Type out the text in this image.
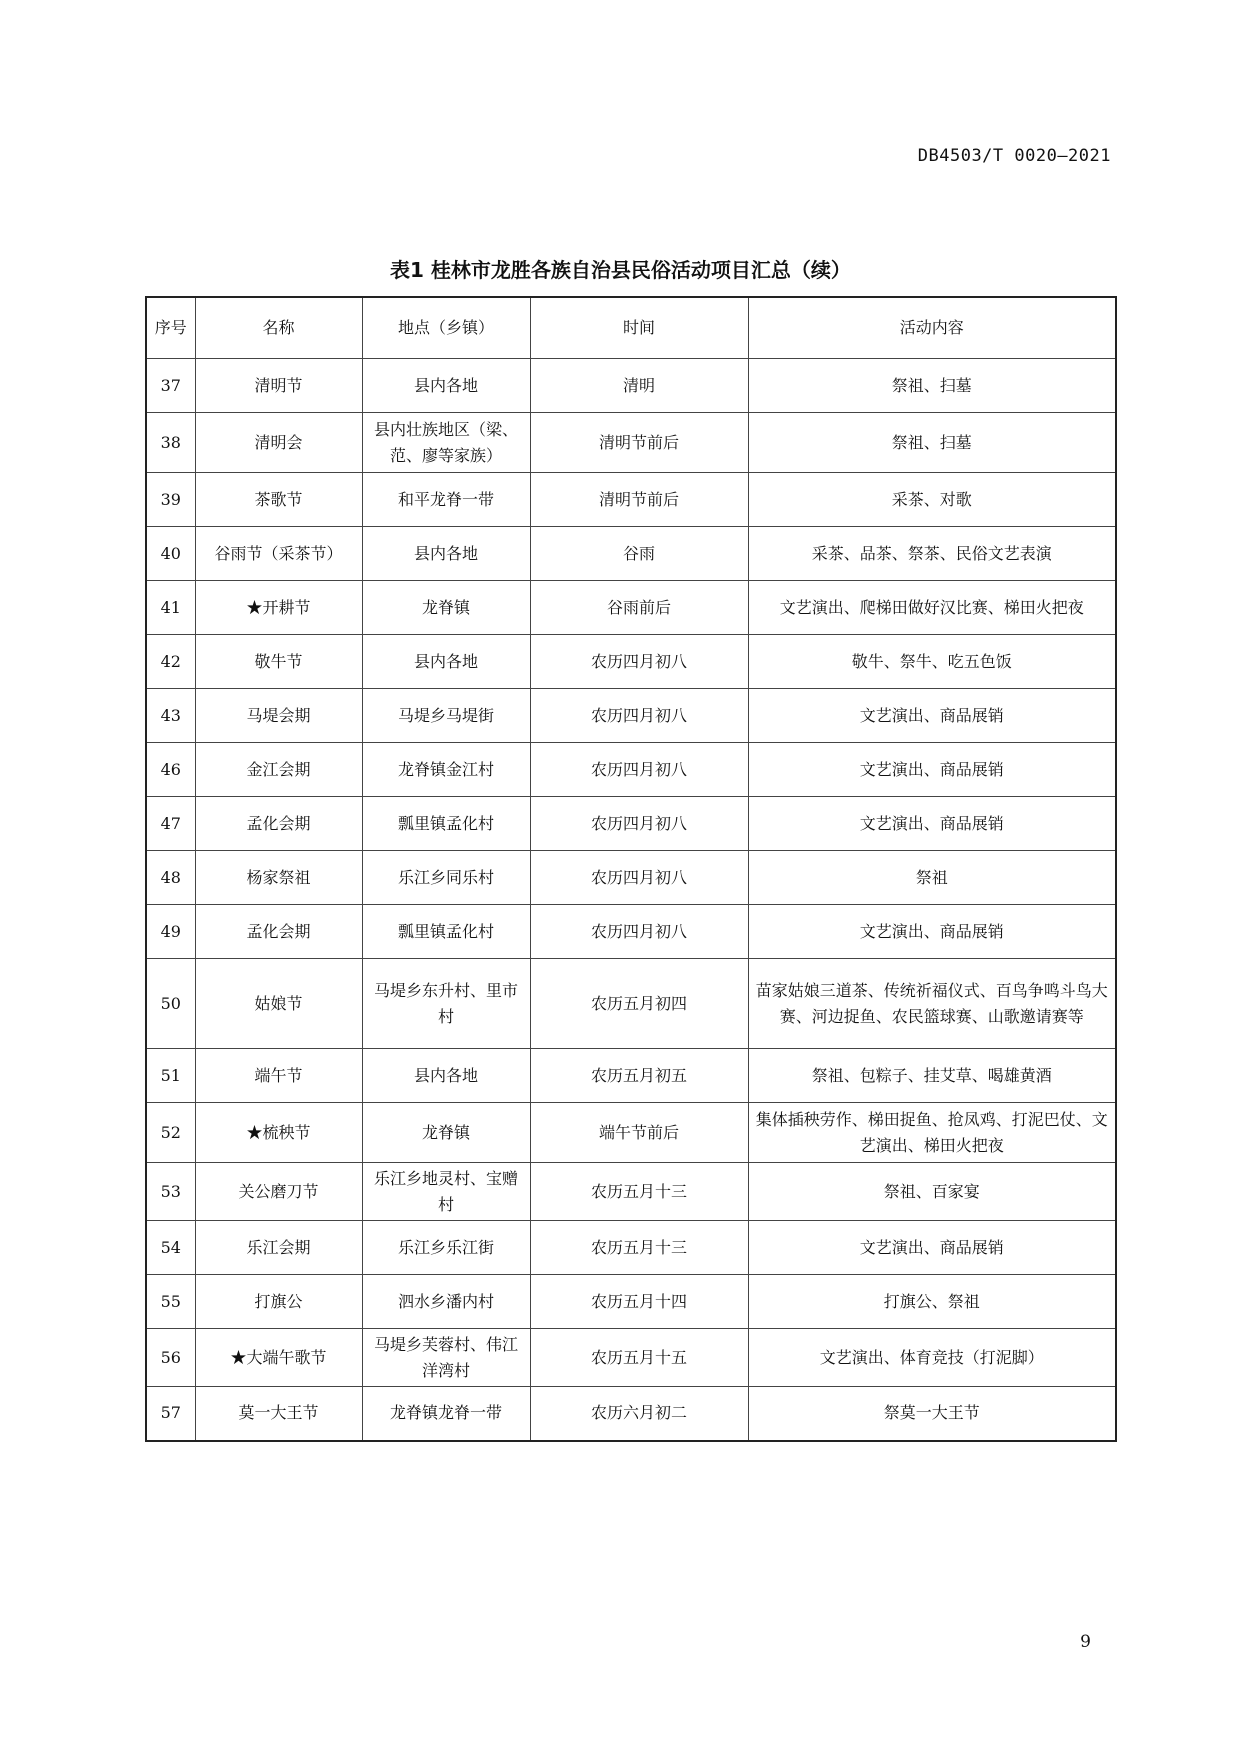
DB4503/T 0020—2021
表1 桂林市龙胜各族自治县民俗活动项目汇总（续）
序号	名称	地点（乡镇）	时间	活动内容
37	清明节	县内各地	清明	祭祖、扫墓
38	清明会	县内壮族地区（梁、范、廖等家族）	清明节前后	祭祖、扫墓
39	茶歌节	和平龙脊一带	清明节前后	采茶、对歌
40	谷雨节（采茶节）	县内各地	谷雨	采茶、品茶、祭茶、民俗文艺表演
41	★开耕节	龙脊镇	谷雨前后	文艺演出、爬梯田做好汉比赛、梯田火把夜
42	敬牛节	县内各地	农历四月初八	敬牛、祭牛、吃五色饭
43	马堤会期	马堤乡马堤街	农历四月初八	文艺演出、商品展销
46	金江会期	龙脊镇金江村	农历四月初八	文艺演出、商品展销
47	孟化会期	瓢里镇孟化村	农历四月初八	文艺演出、商品展销
48	杨家祭祖	乐江乡同乐村	农历四月初八	祭祖
49	孟化会期	瓢里镇孟化村	农历四月初八	文艺演出、商品展销
50	姑娘节	马堤乡东升村、里市村	农历五月初四	苗家姑娘三道茶、传统祈福仪式、百鸟争鸣斗鸟大赛、河边捉鱼、农民篮球赛、山歌邀请赛等
51	端午节	县内各地	农历五月初五	祭祖、包粽子、挂艾草、喝雄黄酒
52	★梳秧节	龙脊镇	端午节前后	集体插秧劳作、梯田捉鱼、抢凤鸡、打泥巴仗、文艺演出、梯田火把夜
53	关公磨刀节	乐江乡地灵村、宝赠村	农历五月十三	祭祖、百家宴
54	乐江会期	乐江乡乐江街	农历五月十三	文艺演出、商品展销
55	打旗公	泗水乡潘内村	农历五月十四	打旗公、祭祖
56	★大端午歌节	马堤乡芙蓉村、伟江洋湾村	农历五月十五	文艺演出、体育竞技（打泥脚）
57	莫一大王节	龙脊镇龙脊一带	农历六月初二	祭莫一大王节
9
